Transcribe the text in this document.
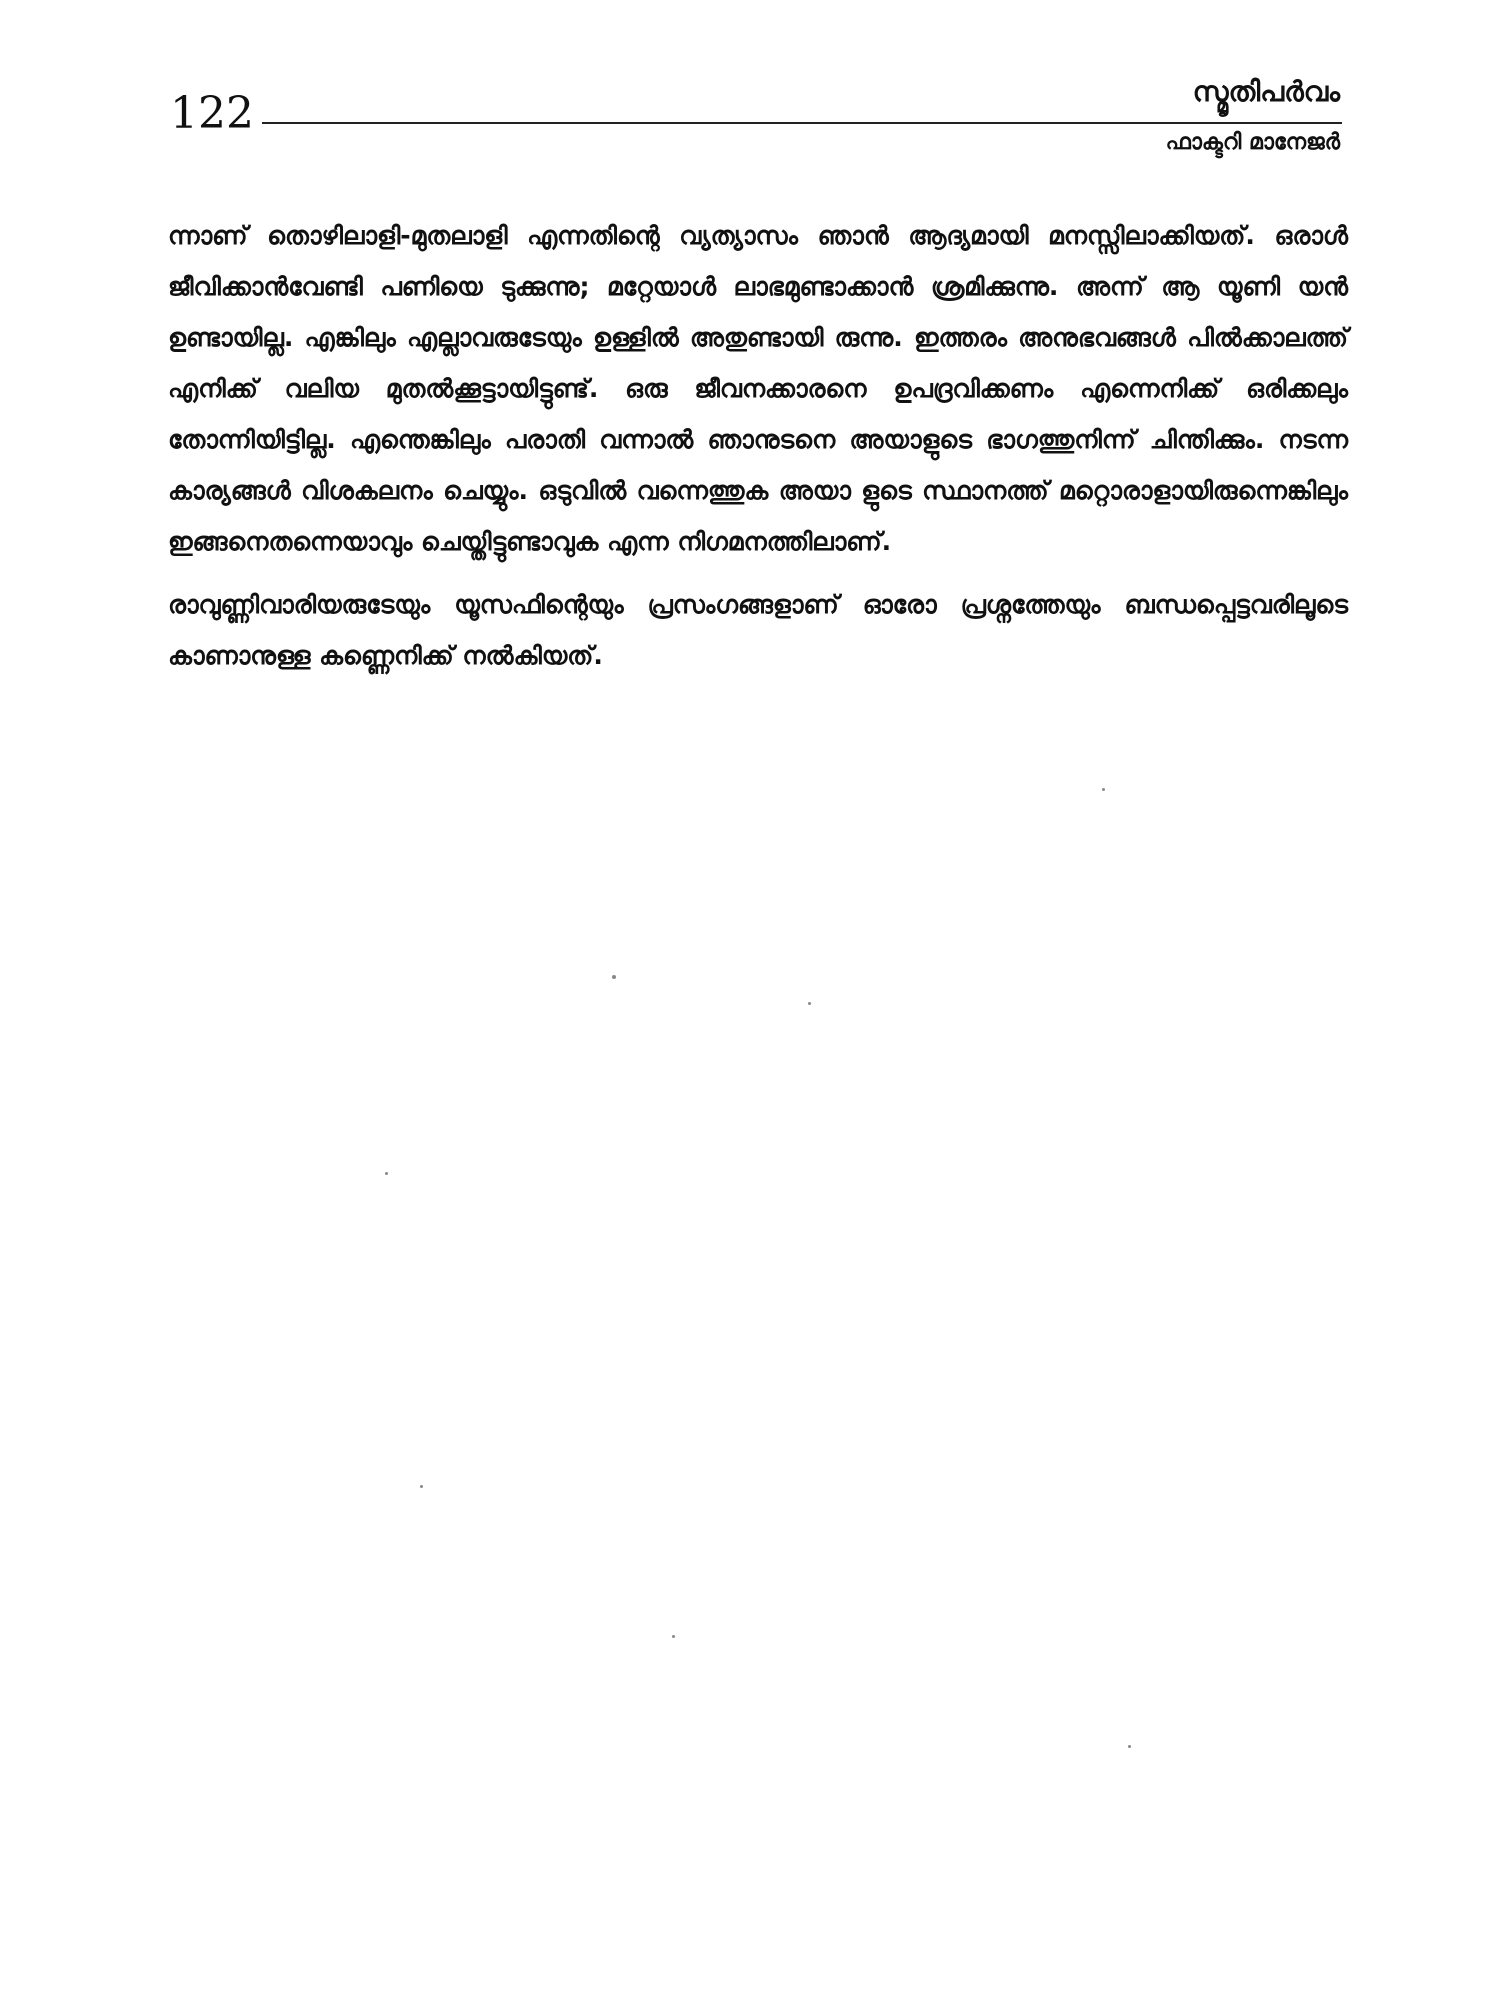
122	സ്മൃതിപർവം
ഫാക്ടറി മാനേജർ

ന്നാണ് തൊഴിലാളി-മുതലാളി എന്നതിന്റെ വ്യത്യാസം ഞാൻ ആദ്യമായി മനസ്സിലാക്കിയത്. ഒരാൾ ജീവിക്കാൻവേണ്ടി പണിയെ ടുക്കുന്നു; മറ്റേയാൾ ലാഭമുണ്ടാക്കാൻ ശ്രമിക്കുന്നു. അന്ന് ആ യൂണി യൻ ഉണ്ടായില്ല. എങ്കിലും എല്ലാവരുടേയും ഉള്ളിൽ അതുണ്ടായി രുന്നു. ഇത്തരം അനുഭവങ്ങൾ പിൽക്കാലത്ത് എനിക്ക് വലിയ മുതൽക്കൂട്ടായിട്ടുണ്ട്. ഒരു ജീവനക്കാരനെ ഉപദ്രവിക്കണം എന്നെനിക്ക് ഒരിക്കലും തോന്നിയിട്ടില്ല. എന്തെങ്കിലും പരാതി വന്നാൽ ഞാനുടനെ അയാളുടെ ഭാഗത്തുനിന്ന് ചിന്തിക്കും. നടന്ന കാര്യങ്ങൾ വിശകലനം ചെയ്യും. ഒടുവിൽ വന്നെത്തുക അയാ ളുടെ സ്ഥാനത്ത് മറ്റൊരാളായിരുന്നെങ്കിലും ഇങ്ങനെതന്നെയാവും ചെയ്തിട്ടുണ്ടാവുക എന്ന നിഗമനത്തിലാണ്.

രാവുണ്ണിവാരിയരുടേയും യൂസഫിന്റെയും പ്രസംഗങ്ങളാണ് ഓരോ പ്രശ്നത്തേയും ബന്ധപ്പെട്ടവരിലൂടെ കാണാനുള്ള കണ്ണെനിക്ക് നൽകിയത്.
